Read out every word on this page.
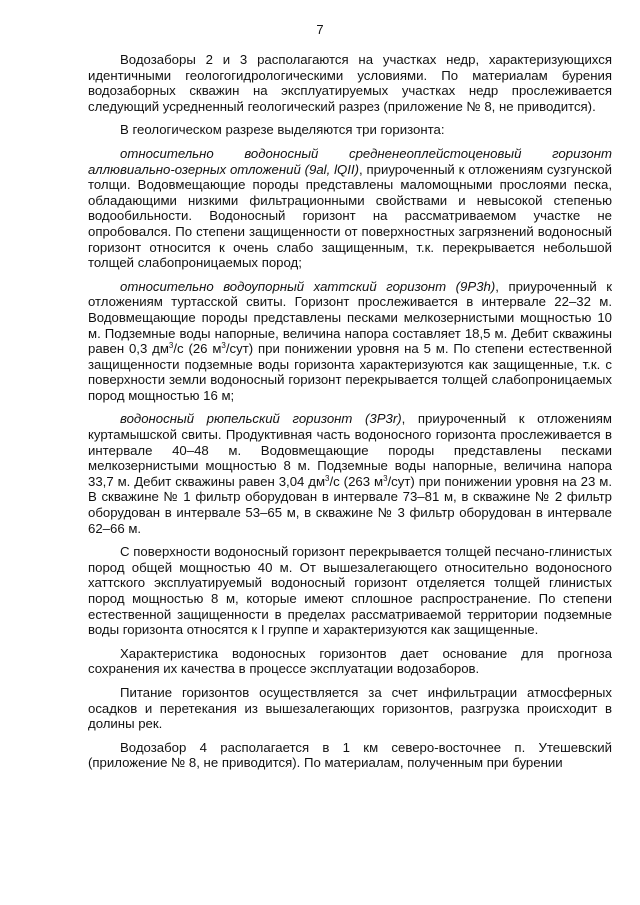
7

Водозаборы 2 и 3 располагаются на участках недр, характеризующихся идентичными геологогидрологическими условиями. По материалам бурения водозаборных скважин на эксплуатируемых участках недр прослеживается следующий усредненный геологический разрез (приложение № 8, не приводится).

В геологическом разрезе выделяются три горизонта:

относительно водоносный средненеоплейстоценовый горизонт аллювиально-озерных отложений (9al, lQII), приуроченный к отложениям сузгунской толщи. Водовмещающие породы представлены маломощными прослоями песка, обладающими низкими фильтрационными свойствами и невысокой степенью водообильности. Водоносный горизонт на рассматриваемом участке не опробовался. По степени защищенности от поверхностных загрязнений водоносный горизонт относится к очень слабо защищенным, т.к. перекрывается небольшой толщей слабопроницаемых пород;

относительно водоупорный хаттский горизонт (9P3h), приуроченный к отложениям туртасской свиты. Горизонт прослеживается в интервале 22–32 м. Водовмещающие породы представлены песками мелкозернистыми мощностью 10 м. Подземные воды напорные, величина напора составляет 18,5 м. Дебит скважины равен 0,3 $дм^3/с$ (26 $м^3/сут$) при понижении уровня на 5 м. По степени естественной защищенности подземные воды горизонта характеризуются как защищенные, т.к. с поверхности земли водоносный горизонт перекрывается толщей слабопроницаемых пород мощностью 16 м;

водоносный рюпельский горизонт (3P3r), приуроченный к отложениям куртамышской свиты. Продуктивная часть водоносного горизонта прослеживается в интервале 40–48 м. Водовмещающие породы представлены песками мелкозернистыми мощностью 8 м. Подземные воды напорные, величина напора 33,7 м. Дебит скважины равен 3,04 $дм^3/с$ (263 $м^3/сут$) при понижении уровня на 23 м. В скважине № 1 фильтр оборудован в интервале 73–81 м, в скважине № 2 фильтр оборудован в интервале 53–65 м, в скважине № 3 фильтр оборудован в интервале 62–66 м.

С поверхности водоносный горизонт перекрывается толщей песчано-глинистых пород общей мощностью 40 м. От вышезалегающего относительно водоносного хаттского эксплуатируемый водоносный горизонт отделяется толщей глинистых пород мощностью 8 м, которые имеют сплошное распространение. По степени естественной защищенности в пределах рассматриваемой территории подземные воды горизонта относятся к I группе и характеризуются как защищенные.

Характеристика водоносных горизонтов дает основание для прогноза сохранения их качества в процессе эксплуатации водозаборов.

Питание горизонтов осуществляется за счет инфильтрации атмосферных осадков и перетекания из вышезалегающих горизонтов, разгрузка происходит в долины рек.

Водозабор 4 располагается в 1 км северо-восточнее п. Утешевский (приложение № 8, не приводится). По материалам, полученным при бурении
